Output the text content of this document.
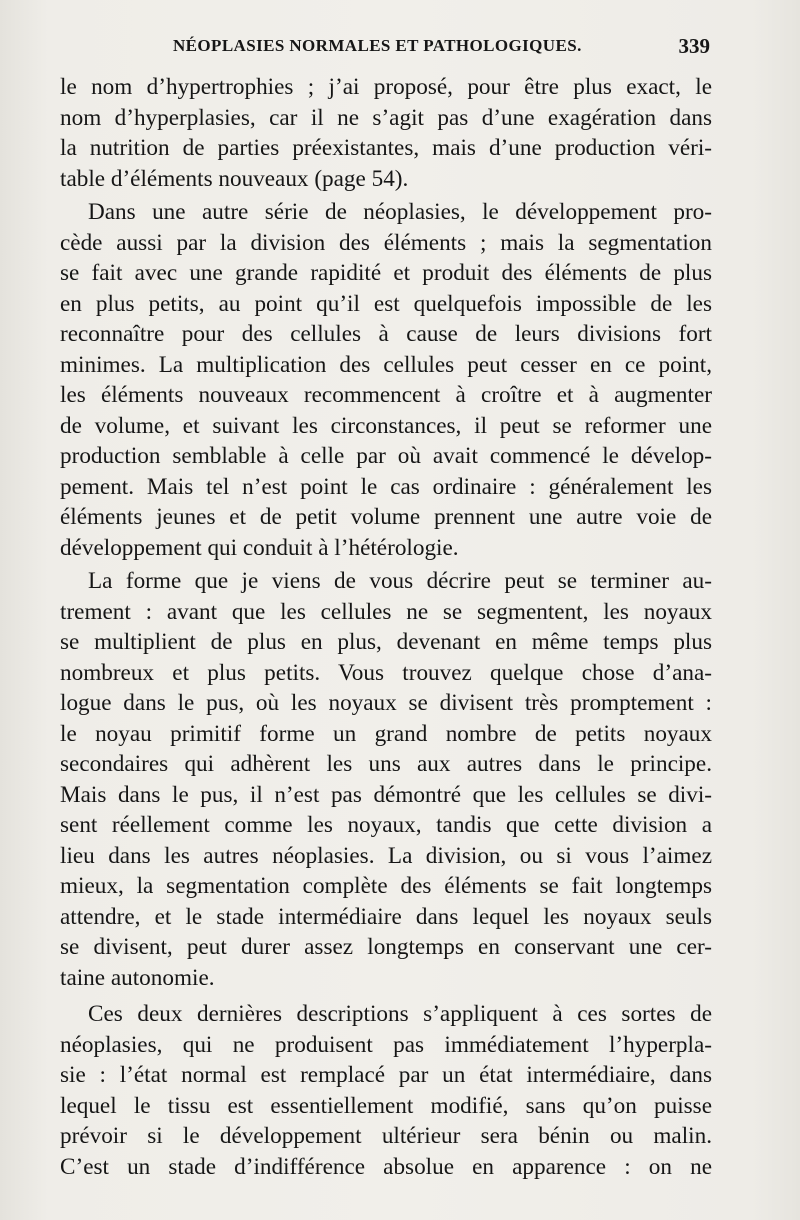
NÉOPLASIES NORMALES ET PATHOLOGIQUES.	339

le nom d’hypertrophies ; j’ai proposé, pour être plus exact, le
nom d’hyperplasies, car il ne s’agit pas d’une exagération dans
la nutrition de parties préexistantes, mais d’une production véri-
table d’éléments nouveaux (page 54).

Dans une autre série de néoplasies, le développement pro-
cède aussi par la division des éléments ; mais la segmentation
se fait avec une grande rapidité et produit des éléments de plus
en plus petits, au point qu’il est quelquefois impossible de les
reconnaître pour des cellules à cause de leurs divisions fort
minimes. La multiplication des cellules peut cesser en ce point,
les éléments nouveaux recommencent à croître et à augmenter
de volume, et suivant les circonstances, il peut se reformer une
production semblable à celle par où avait commencé le dévelop-
pement. Mais tel n’est point le cas ordinaire : généralement les
éléments jeunes et de petit volume prennent une autre voie de
développement qui conduit à l’hétérologie.

La forme que je viens de vous décrire peut se terminer au-
trement : avant que les cellules ne se segmentent, les noyaux
se multiplient de plus en plus, devenant en même temps plus
nombreux et plus petits. Vous trouvez quelque chose d’ana-
logue dans le pus, où les noyaux se divisent très promptement :
le noyau primitif forme un grand nombre de petits noyaux
secondaires qui adhèrent les uns aux autres dans le principe.
Mais dans le pus, il n’est pas démontré que les cellules se divi-
sent réellement comme les noyaux, tandis que cette division a
lieu dans les autres néoplasies. La division, ou si vous l’aimez
mieux, la segmentation complète des éléments se fait longtemps
attendre, et le stade intermédiaire dans lequel les noyaux seuls
se divisent, peut durer assez longtemps en conservant une cer-
taine autonomie.

Ces deux dernières descriptions s’appliquent à ces sortes de
néoplasies, qui ne produisent pas immédiatement l’hyperpla-
sie : l’état normal est remplacé par un état intermédiaire, dans
lequel le tissu est essentiellement modifié, sans qu’on puisse
prévoir si le développement ultérieur sera bénin ou malin.
C’est un stade d’indifférence absolue en apparence : on ne
